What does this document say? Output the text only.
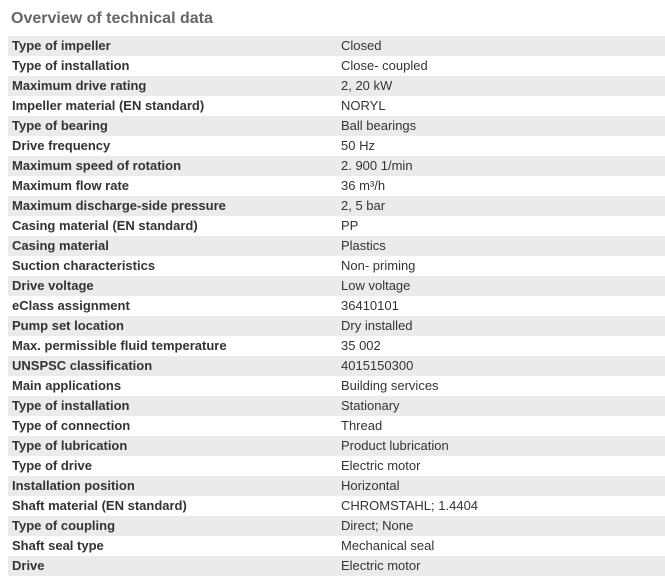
Overview of technical data
Type of impeller	Closed
Type of installation	Close- coupled
Maximum drive rating	2, 20 kW
Impeller material (EN standard)	NORYL
Type of bearing	Ball bearings
Drive frequency	50 Hz
Maximum speed of rotation	2. 900 1/min
Maximum flow rate	36 m³/h
Maximum discharge-side pressure	2, 5 bar
Casing material (EN standard)	PP
Casing material	Plastics
Suction characteristics	Non- priming
Drive voltage	Low voltage
eClass assignment	36410101
Pump set location	Dry installed
Max. permissible fluid temperature	35 002
UNSPSC classification	4015150300
Main applications	Building services
Type of installation	Stationary
Type of connection	Thread
Type of lubrication	Product lubrication
Type of drive	Electric motor
Installation position	Horizontal
Shaft material (EN standard)	CHROMSTAHL; 1.4404
Type of coupling	Direct; None
Shaft seal type	Mechanical seal
Drive	Electric motor
